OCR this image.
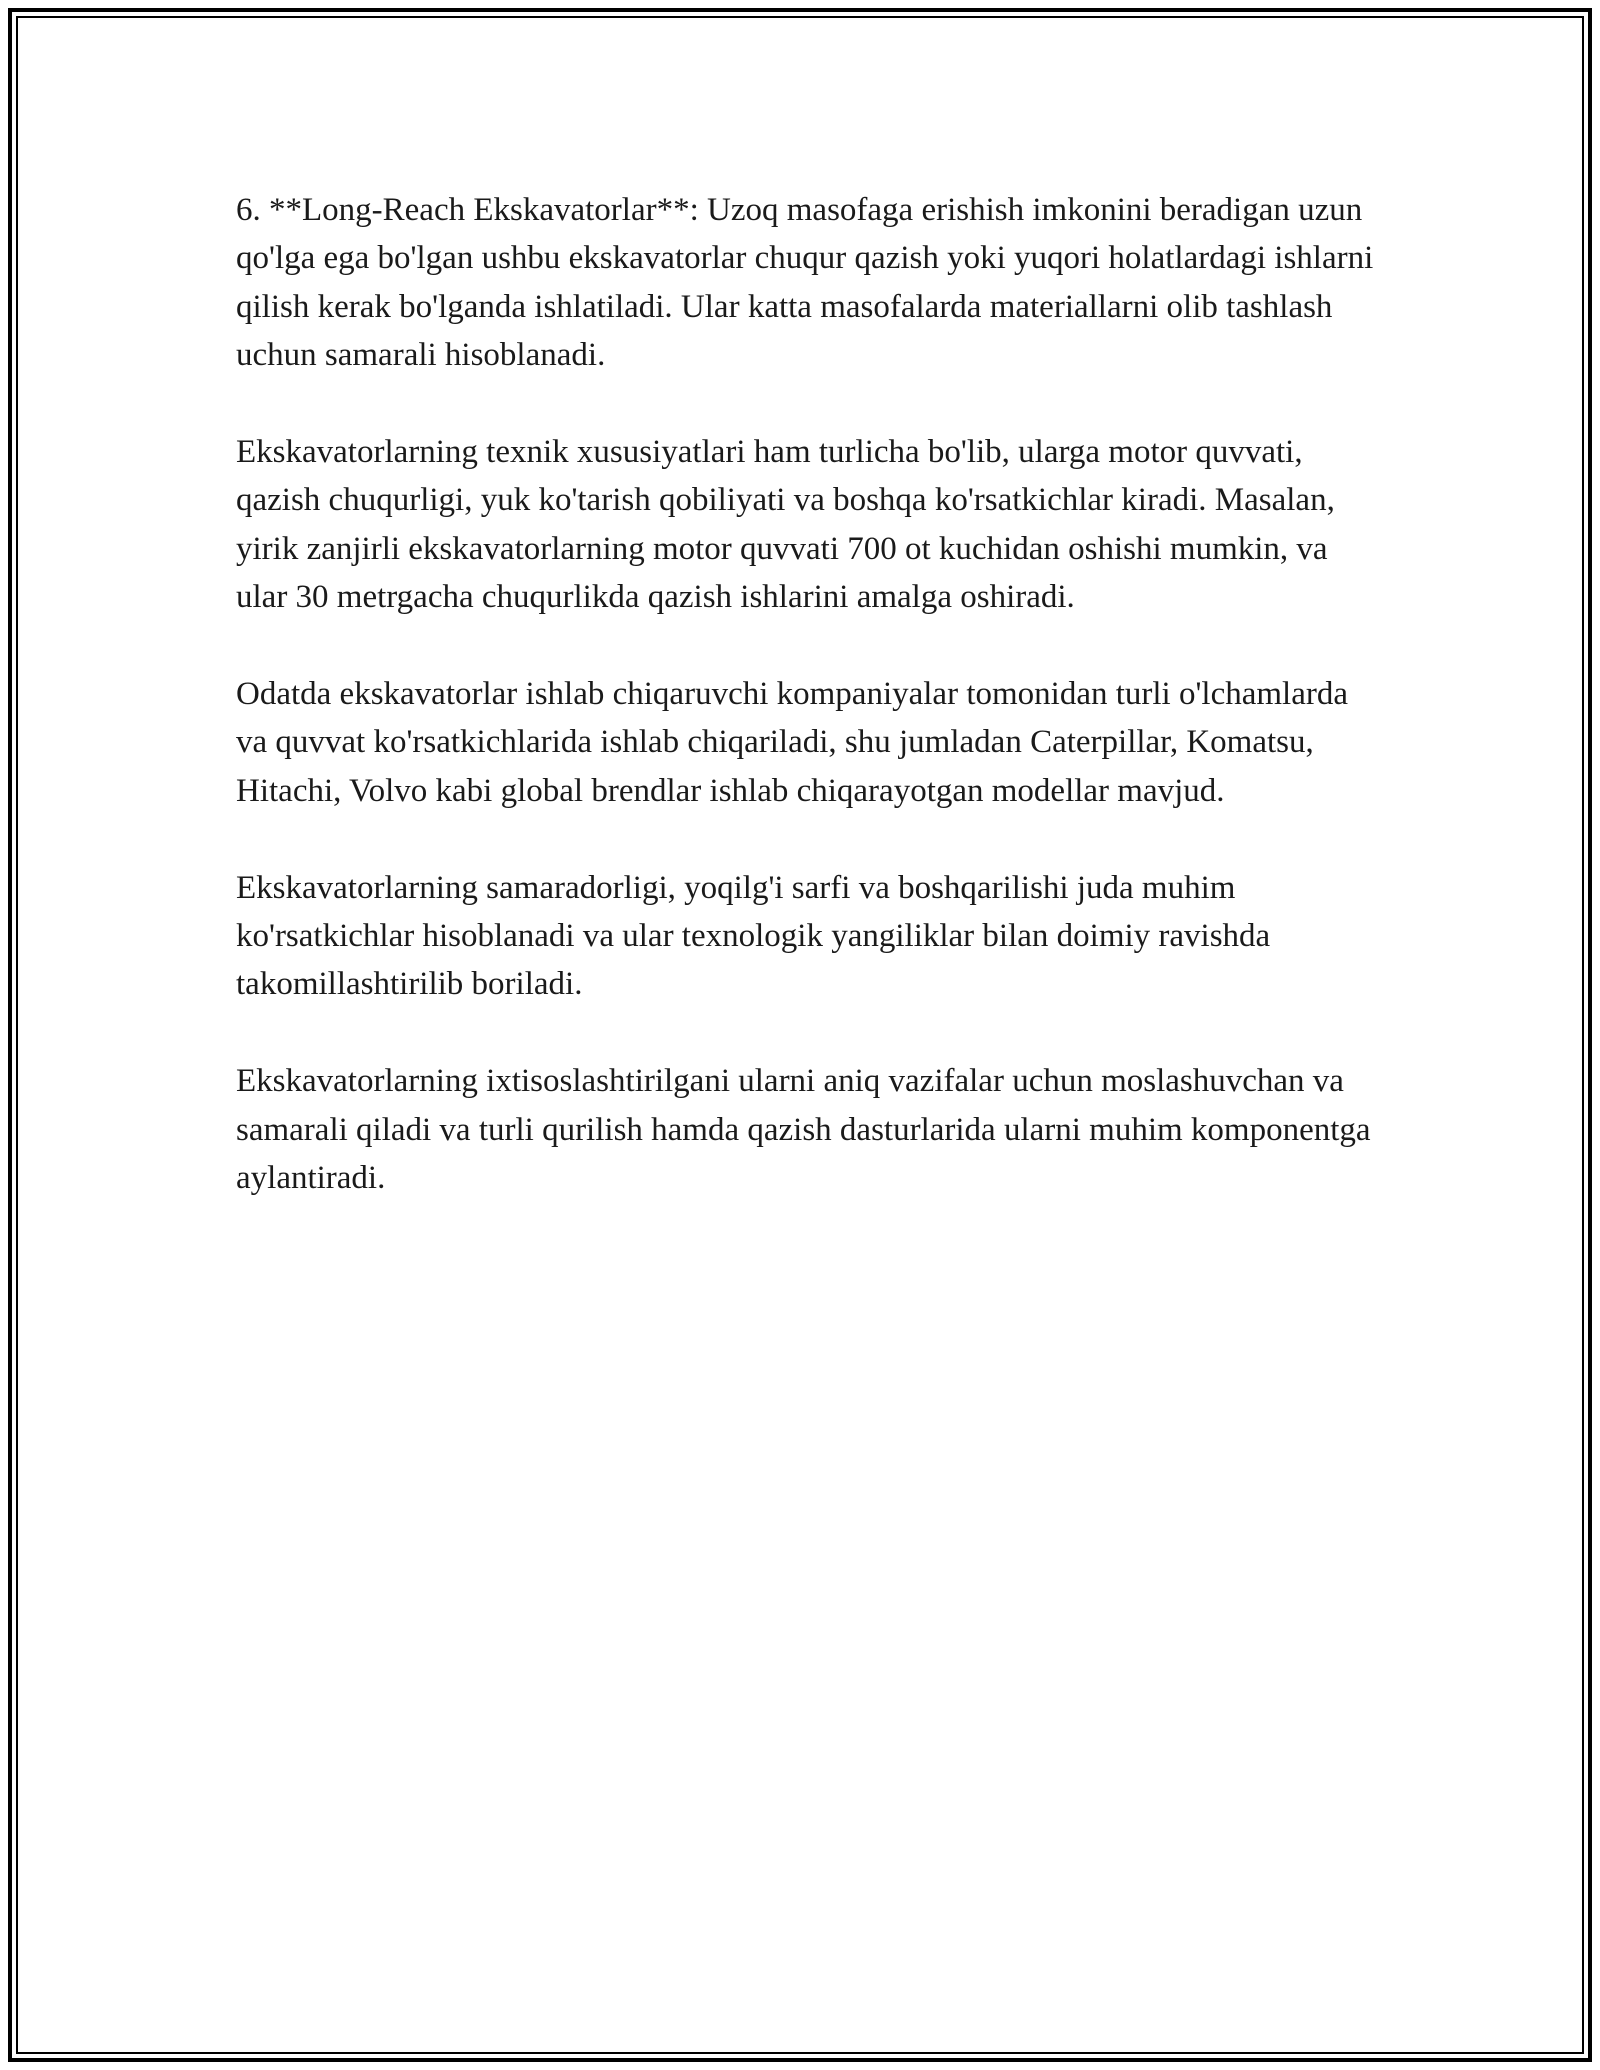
6. **Long-Reach Ekskavatorlar**: Uzoq masofaga erishish imkonini beradigan uzun qo'lga ega bo'lgan ushbu ekskavatorlar chuqur qazish yoki yuqori holatlardagi ishlarni qilish kerak bo'lganda ishlatiladi. Ular katta masofalarda materiallarni olib tashlash uchun samarali hisoblanadi.

Ekskavatorlarning texnik xususiyatlari ham turlicha bo'lib, ularga motor quvvati, qazish chuqurligi, yuk ko'tarish qobiliyati va boshqa ko'rsatkichlar kiradi. Masalan, yirik zanjirli ekskavatorlarning motor quvvati 700 ot kuchidan oshishi mumkin, va ular 30 metrgacha chuqurlikda qazish ishlarini amalga oshiradi.

Odatda ekskavatorlar ishlab chiqaruvchi kompaniyalar tomonidan turli o'lchamlarda va quvvat ko'rsatkichlarida ishlab chiqariladi, shu jumladan Caterpillar, Komatsu, Hitachi, Volvo kabi global brendlar ishlab chiqarayotgan modellar mavjud.

Ekskavatorlarning samaradorligi, yoqilg'i sarfi va boshqarilishi juda muhim ko'rsatkichlar hisoblanadi va ular texnologik yangiliklar bilan doimiy ravishda takomillashtirilib boriladi.

Ekskavatorlarning ixtisoslashtirilgani ularni aniq vazifalar uchun moslashuvchan va samarali qiladi va turli qurilish hamda qazish dasturlarida ularni muhim komponentga aylantiradi.
